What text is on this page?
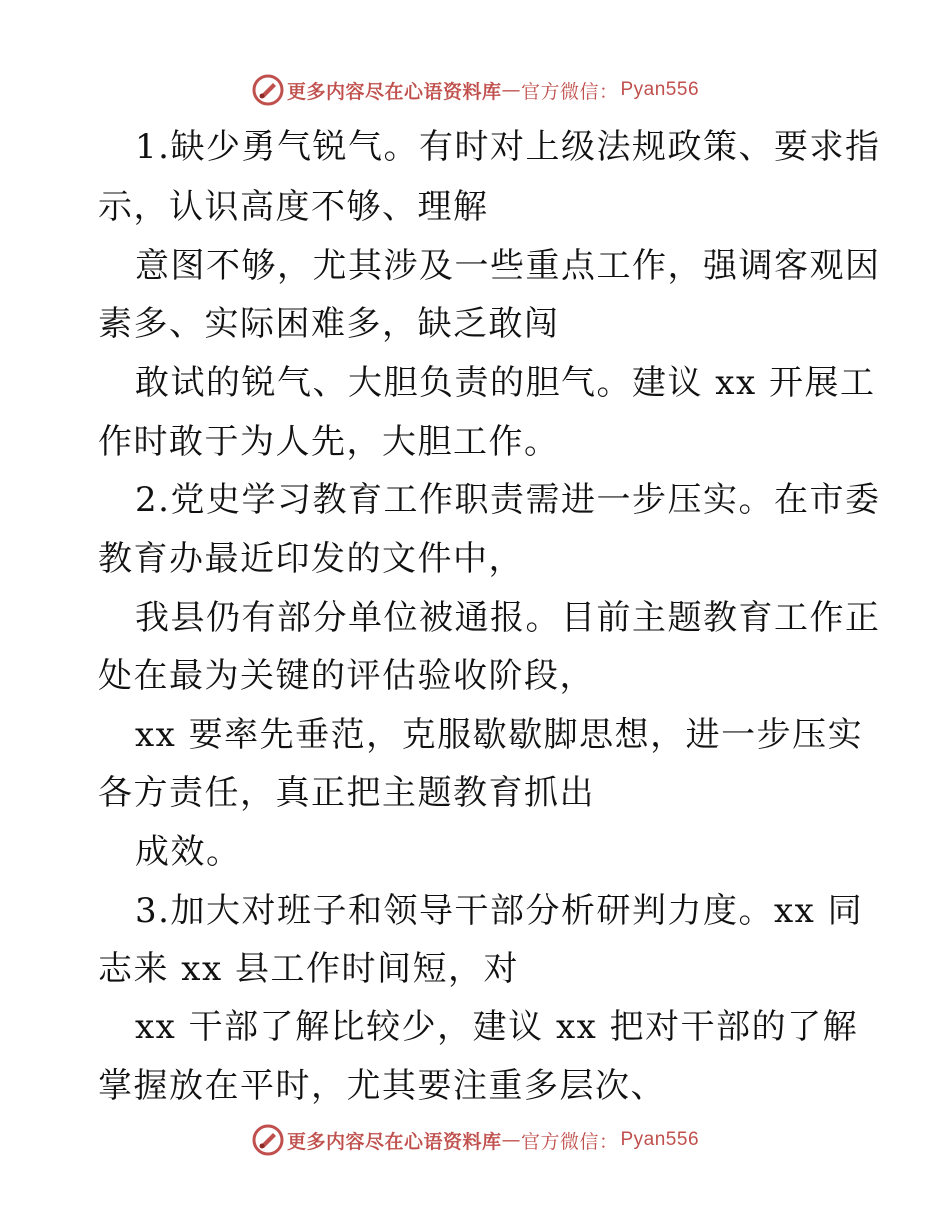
更多内容尽在心语资料库 — 官方微信： Pyan556
1.缺少勇气锐气。有时对上级法规政策、要求指
示，认识高度不够、理解
意图不够，尤其涉及一些重点工作，强调客观因
素多、实际困难多，缺乏敢闯
敢试的锐气、大胆负责的胆气。建议 xx 开展工
作时敢于为人先，大胆工作。
2.党史学习教育工作职责需进一步压实。在市委
教育办最近印发的文件中，
我县仍有部分单位被通报。目前主题教育工作正
处在最为关键的评估验收阶段，
xx 要率先垂范，克服歇歇脚思想，进一步压实
各方责任，真正把主题教育抓出
成效。
3.加大对班子和领导干部分析研判力度。xx 同
志来 xx 县工作时间短，对
xx 干部了解比较少，建议 xx 把对干部的了解
掌握放在平时，尤其要注重多层次、
更多内容尽在心语资料库 — 官方微信： Pyan556
